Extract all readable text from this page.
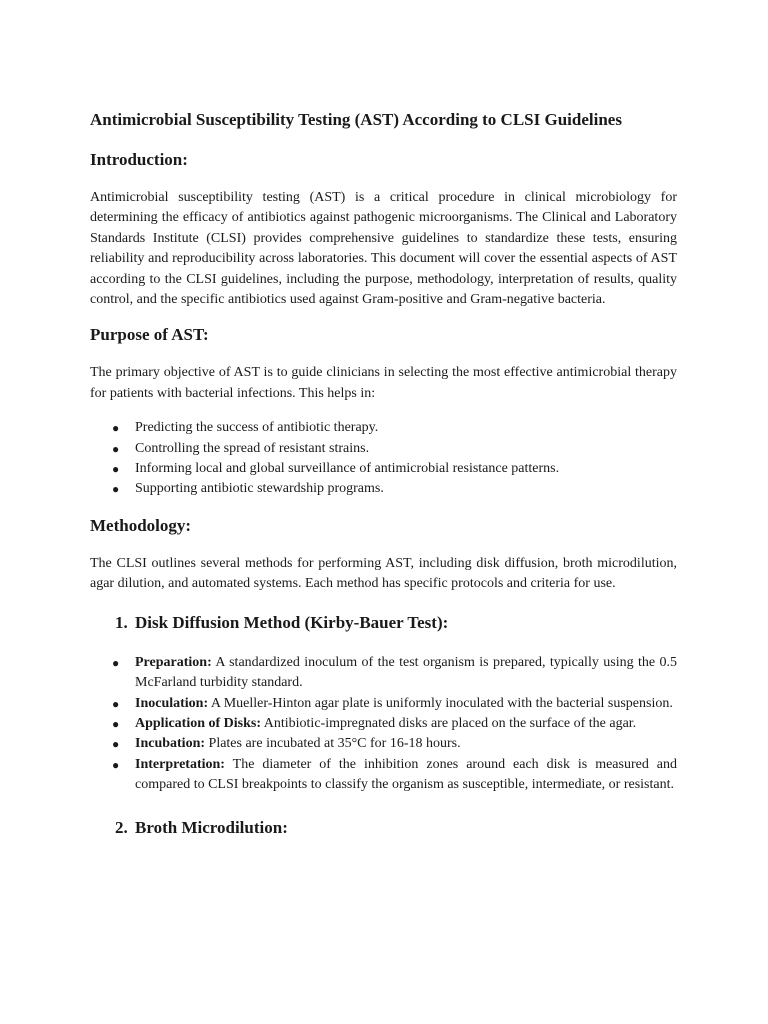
Antimicrobial Susceptibility Testing (AST) According to CLSI Guidelines
Introduction:

Antimicrobial susceptibility testing (AST) is a critical procedure in clinical microbiology for determining the efficacy of antibiotics against pathogenic microorganisms. The Clinical and Laboratory Standards Institute (CLSI) provides comprehensive guidelines to standardize these tests, ensuring reliability and reproducibility across laboratories. This document will cover the essential aspects of AST according to the CLSI guidelines, including the purpose, methodology, interpretation of results, quality control, and the specific antibiotics used against Gram-positive and Gram-negative bacteria.

Purpose of AST:

The primary objective of AST is to guide clinicians in selecting the most effective antimicrobial therapy for patients with bacterial infections. This helps in:

● Predicting the success of antibiotic therapy.
● Controlling the spread of resistant strains.
● Informing local and global surveillance of antimicrobial resistance patterns.
● Supporting antibiotic stewardship programs.
Methodology:

The CLSI outlines several methods for performing AST, including disk diffusion, broth microdilution, agar dilution, and automated systems. Each method has specific protocols and criteria for use.

1. Disk Diffusion Method (Kirby-Bauer Test):
● Preparation: A standardized inoculum of the test organism is prepared, typically using the 0.5 McFarland turbidity standard.
● Inoculation: A Mueller-Hinton agar plate is uniformly inoculated with the bacterial suspension.
● Application of Disks: Antibiotic-impregnated disks are placed on the surface of the agar.
● Incubation: Plates are incubated at 35°C for 16-18 hours.
● Interpretation: The diameter of the inhibition zones around each disk is measured and compared to CLSI breakpoints to classify the organism as susceptible, intermediate, or resistant.
2. Broth Microdilution:
